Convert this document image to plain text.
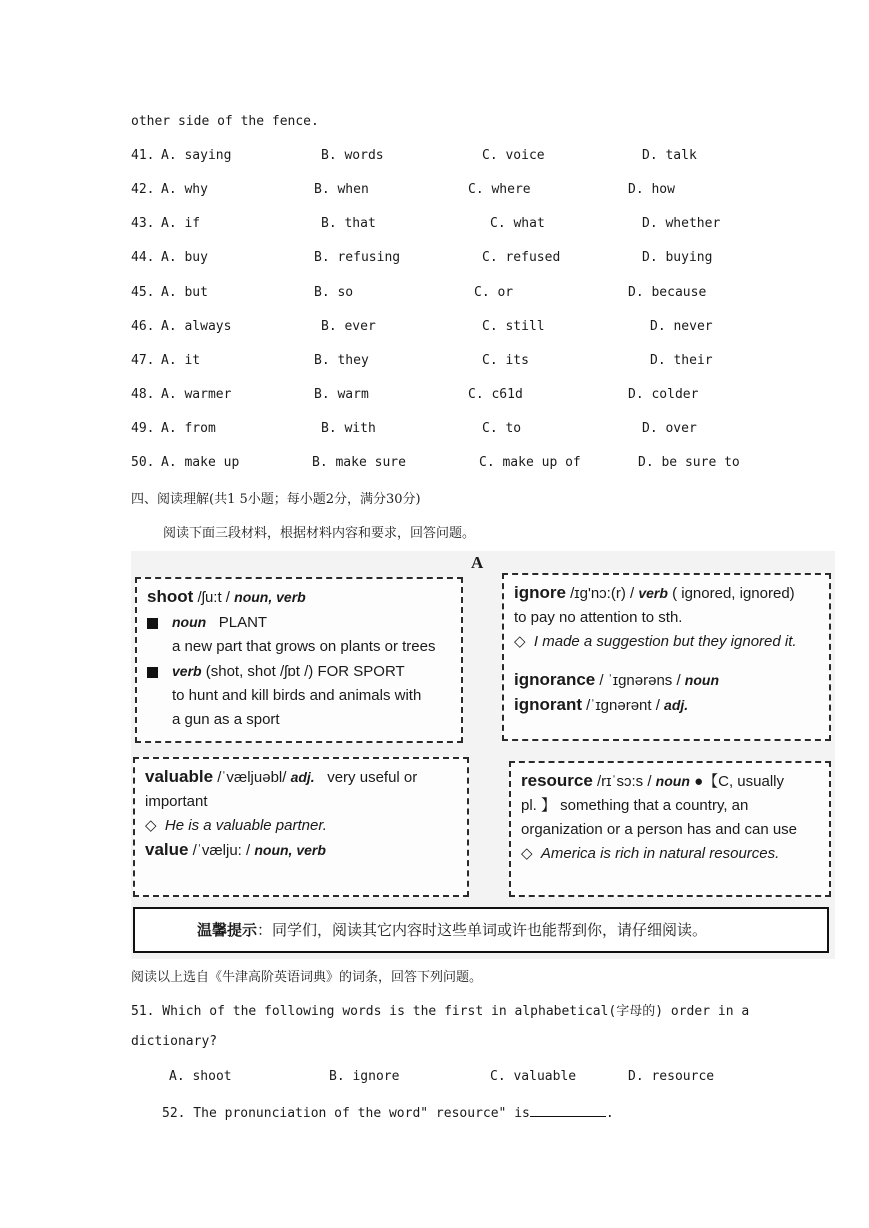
other side of the fence.
41. A. saying	B. words	C. voice	D. talk
42. A. why	B. when	C. where	D. how
43. A. if	B. that	C. what	D. whether
44. A. buy	B. refusing	C. refused	D. buying
45. A. but	B. so	C. or	D. because
46. A. always	B. ever	C. still	D. never
47. A. it	B. they	C. its	D. their
48. A. warmer	B. warm	C. c61d	D. colder
49. A. from	B. with	C. to	D. over
50. A. make up	B. make sure	C. make up of	D. be sure to
四、阅读理解(共1 5小题；每小题2分，满分30分)
阅读下面三段材料，根据材料内容和要求，回答问题。
A
shoot /ʃu:t / noun, verb
noun PLANT
a new part that grows on plants or trees
verb (shot, shot /ʃɒt /) FOR SPORT
to hunt and kill birds and animals with
a gun as a sport
ignore /ɪg'nɔ:(r) / verb ( ignored, ignored)
to pay no attention to sth.
◇ I made a suggestion but they ignored it.
ignorance / ˈɪgnərəns / noun
ignorant /ˈɪgnərənt / adj.
valuable /ˈvæljuəbl/ adj. very useful or
important
◇ He is a valuable partner.
value /ˈvælju: / noun, verb
resource /rɪˈsɔ:s / noun ●【C, usually
pl. 】 something that a country, an
organization or a person has and can use
◇ America is rich in natural resources.
温馨提示：同学们，阅读其它内容时这些单词或许也能帮到你，请仔细阅读。
阅读以上选自《牛津高阶英语词典》的词条，回答下列问题。
51. Which of the following words is the first in alphabetical(字母的) order in a
dictionary?
A. shoot	B. ignore	C. valuable	D. resource
52. The pronunciation of the word" resource" is	.
